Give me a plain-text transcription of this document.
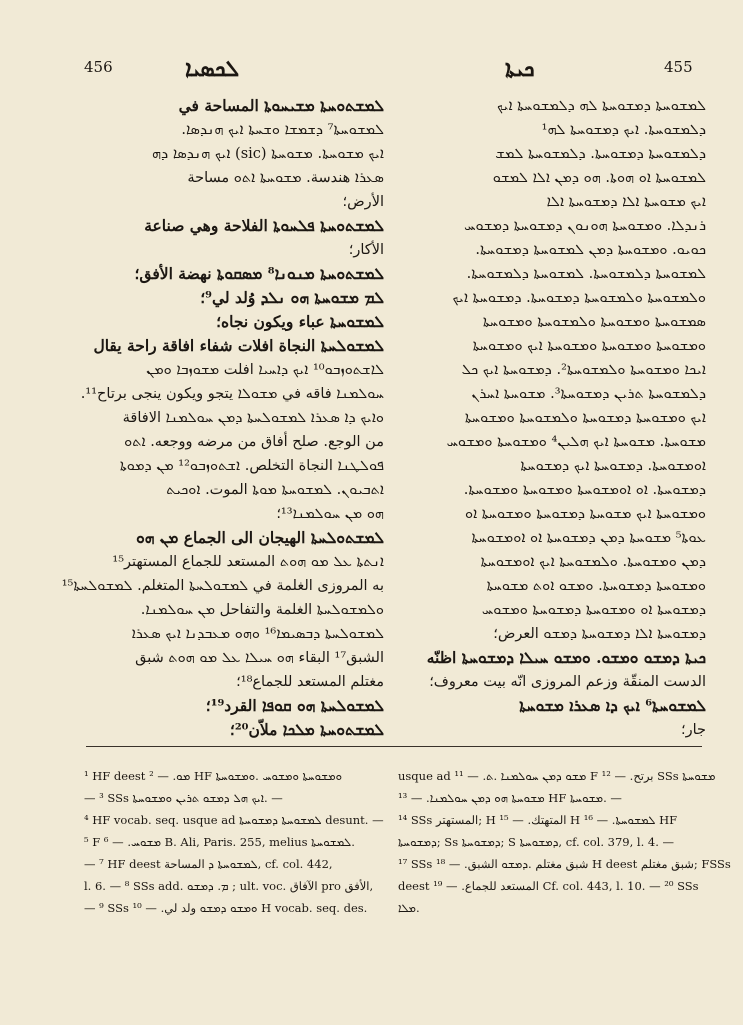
456	ܠܟܣܝܐ	ܟܝܬܐ	455
ܠܡܫܬܘܚܬܐ ܡܫܝܚܘܬܐ المساحة في
ܠܡܫܘܚܬܐ⁷ ܕܫܡܫܐ ܘܫܚܬܐ ܐܝܟ ܗܢܕܣܐ.
ܐܝܟ ܡܫܘܚܬܐ. ܡܫܘܚܬܐ (sic) ܐܝܟ ܗܢܕܣܐ ܕܗ
ܣܥܪܐ هندسة. ܡܫܘܚܬܐ ܐܬܘ مساحة
الأرض؛
ܠܡܫܬܘܚܬܐ ܦܠܚܘܬܐ الفلاحة وهي صناعة
الأكار؛
ܠܡܫܬܘܚܬܐ ܡܢܘܢܐ⁸ ܡܣܩܘܬܐ نهضة الأفق؛
ܠܡ ܡܫܘܚܬܐ ܗܘ ܢܠܕ وُلد لي⁹؛
ܠܡܫܘܚܬܐ عباء ويكون نجاه؛
ܠܡܫܘܠܚܬܐ النجاة افلات شفاء افاقة راحة يقال
ܠܐܫܬܘܙܒܘ¹⁰ ܐܝܟ ܕܐܚܝܐ افلت ܡܫܘܙܒܐ ܘܡܢ
ܚܘܠܡܢܐ فاقه في ܡܫܘܠܐ يتجو ويكون ينجى برتاح¹¹.
ܘܐܝܟ ܕܐ ܣܥܪܐ ܠܡܫܘܠܚܬܐ ܕܡܢ ܚܘܠܡܢܐ الافاقة
من الوجع. صلح أفاق من مرضه ووجعه. ܐܬܘ
ܦܘܠܛܢܐ النجاة التخلص. ܐܫܬܘܙܒܘ¹² ܡܢ ܕܡܘܬܐ
ܐܬܒܝܘܢ. ܠܡܫܘܚܬܐ ܡܘܬܐ الموت. ܐܘܟܝܬ
ܗܘ ܡܢ ܚܘܠܡܢܐ¹³؛
ܠܡܫܬܘܠܚܬܐ الهيجان الى الجماع ܡܢ ܗܘ
ܐܢܬܬܐ ܥܠ ܡܘ ܗܘܬ المستعد للجماع المستهتر¹⁵
به المروزى الغلمة في ܠܡܫܘܠܚܬܐ المتغلم. ܠܡܫܘܠܚܬܐ¹⁵
ܘܠܡܫܘܠܚܬܐ الغلمة والتفاحل ܡܢ ܚܘܠܡܢܐ.
ܠܡܫܘܠܚܬܐ ܕܒܣܝܡܐ¹⁶ ܘܗܘ ܡܥܒܕܢܐ ܐܝܟ ܣܥܪܐ
الشبق¹⁷ البقاء ܗܘ ܚܝܠܐ ܥܠ ܡܘ ܗܘܬ شبق
مغتلم المستعد للجماع¹⁸؛
ܠܡܫܘܠܚܬܐ ܗܘ ܩܘܦܐ القرد¹⁹؛
ܠܡܫܬܘܚܬܐ ܡܠܟܐ ملاّن²⁰؛
ܠܡܫܘܚܬܐ ܕܡܫܘܚܬܐ ܠܗ ܕܠܡܫܘܚܬܐ ܐܝܟ
ܕܠܡܫܘܚܬܐ. ܐܝܟ ܕܡܫܘܚܬܐ ܠܗ¹
ܕܠܡܫܘܚܬܐ ܕܡܫܘܚܬܐ. ܕܠܡܫܘܚܬܐ ܠܡܫ
ܠܡܫܘܚܬܐ ܐܘ ܗܘܬܐ. ܗܘ ܕܡܢ ܐܠܐ ܠܡܫܘ
ܐܝܟ ܡܫܘܚܬܐ ܐܠܐ ܕܡܫܘܚܬܐ ܐܠܐ
ܪܢܕܠܐ. ܘܡܫܘܚܬܐ ܗܘܢܘܢ ܕܡܫܘܚܬܐ ܕܡܫܘܚ
ܟܘܝܘ. ܘܡܫܘܚܬܐ ܕܡܢ ܠܡܫܘܚܬܐ ܕܡܫܘܚܬܐ.
ܠܡܫܘܚܬܐ ܕܠܡܫܘܚܬܐ. ܠܡܫܘܚܬܐ ܕܠܡܫܘܚܬܐ.
ܘܠܡܫܘܚܬܐ ܘܠܡܫܘܚܬܐ ܕܡܫܘܚܬܐ. ܕܡܫܘܚܬܐ ܐܝܟ
ܣܡܫܘܚܬܐ ܘܡܫܘܚܬܐ ܘܠܡܫܘܚܬܐ ܘܡܫܘܚܬܐ
ܘܡܫܘܚܬܐ ܘܡܫܘܚܬܐ ܘܡܫܘܚܬܐ ܐܝܟ ܘܡܫܘܚܬܐ
ܐܝܟܐ ܘܡܫܘܚܬܐ ܘܠܡܫܘܚܬܐ². ܕܡܫܘܚܬܐ ܐܝܟ ܟܠ
ܕܠܡܫܘܚܬܐ ܬܪܝܢ ܕܡܫܘܚܬܐ³. ܡܫܘܚܬܐ ܐܚܪܢ
ܐܝܟ ܘܡܫܘܚܬܐ ܕܡܫܘܚܬܐ ܘܠܡܫܘܚܬܐ ܘܡܫܘܚܬܐ
ܡܫܘܚܬܐ. ܡܫܘܚܬܐ ܐܝܟ ܗܠܝܢ⁴ ܘܡܫܘܚܬܐ ܘܡܫܘܚ
ܐܘܡܫܘܚܬܐ. ܕܡܫܘܚܬܐ ܐܝܟ ܕܡܫܘܚܬܐ
ܕܡܫܘܚܬܐ. ܐܘ ܐܘܡܫܘܚܬܐ ܘܡܫܘܚܬܐ ܘܡܫܘܚܬܐ.
ܘܡܫܘܚܬܐ ܐܝܟ ܡܫܘܚܬܐ ܕܡܫܘܚܬܐ ܘܡܫܘܚܬܐ ܐܘ
ܥܘܬܐ⁵ ܡܫܘܚܬܐ ܕܡܢ ܕܡܫܘܚܬܐ ܐܘ ܐܘܡܫܘܚܬܐ
ܕܡܢ ܘܡܫܘܚܬܐ. ܘܠܡܫܘܚܬܐ ܐܝܟ ܐܘܡܫܘܚܬܐ
ܘܡܫܘܚܬܐ ܕܡܫܘܚܬܐ. ܘܡܫܘ ܐܘܬ ܡܫܘܚܬܐ
ܕܡܫܘܚܬܐ ܐܘ ܘܡܫܘܚܬܐ ܕܡܫܘܚܬܐ ܘܡܫܘܚ
ܕܡܫܘܚܬܐ ܐܠܐ ܕܡܫܘܚܬܐ ܕܡܫܘ العرض؛
ܟܝܬܐ ܕܡܫܘ ܘܡܫܘ. ܘܡܫܘ ܚܝܠܐ ܕܡܫܘܚܬܐ اظنّه
الدست المنقّة وزعم المروزى انّه بيت معروف؛
ܠܡܫܘܚܬܐ⁶ ܐܝܟ ܕܐ ܣܥܪܐ ܡܫܘܚܬܐ
جار؛
¹ HF deest ܡܘ. — ² HF ܘܡܫܘܚܬܐ ܘܡܫܘܚ .ܘܡܫܘܚܬܐ
— ³ SSs ܐܝܟ ܗܠ ܕܡܫܘ ܬܪܝܢ ܘܡܫܘܚܬܐ. —
⁴ HF vocab. seq. usque ad ܠܡܫܘܚܬܐ ܕܡܫܘܚܬܐ desunt. —
⁵ F ܡܫܘܚ. — ⁶ B. Ali, Paris. 255, melius ܠܡܫܘܚܬܐ.
— ⁷ HF deest ܠܡܫܘܚܬܐ ܕ المساحة, cf. col. 442,
l. 6. — ⁸ SSs add. ܡ. ܕܡܫܘ ; ult. voc. الآفاق pro الأفق,
— ⁹ SSs ܘܡܫܘ ܕܡܫܘ ولد لي. — ¹⁰ H vocab. seq. des.
usque ad ܡܫܘ ܕܡܢ ܚܘܠܡܢܐ .ܬ. — ¹¹ F برتح. — ¹² SSs ܡܫܘܚܬܐ
ܡܫܘܚܬܐ ܗܘ ܕܡܢ ܚܘܠܡܢܐ. — ¹³ HF ܡܫܘܚܬܐ. —
¹⁴ SSs المستهتر; H المتهتك. — ¹⁵ H ܠܡܫܘܚܬܐ. — ¹⁶ HF
ܕܡܫܘܚܬܐ; Ss ܕܡܫܘܚܬܐ; S ܕܡܫܘܚܬܐ, cf. col. 379, l. 4. —
¹⁷ SSs شبق مغتلم .ܕܡܫܘ الشبق. — ¹⁸ H deest شبق مغتلم; FSSs
deest المستعد للجماع. — ¹⁹ Cf. col. 443, l. 10. — ²⁰ SSs
ܡܠܐ.
